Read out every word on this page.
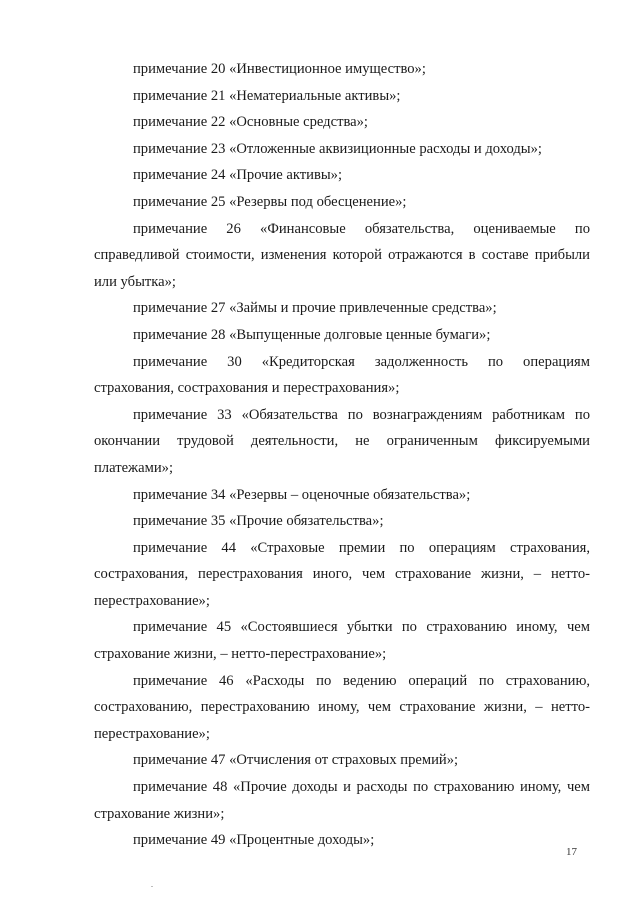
примечание 20 «Инвестиционное имущество»;

примечание 21 «Нематериальные активы»;

примечание 22 «Основные средства»;

примечание 23 «Отложенные аквизиционные расходы и доходы»;

примечание 24 «Прочие активы»;

примечание 25 «Резервы под обесценение»;

примечание 26 «Финансовые обязательства, оцениваемые по справедливой стоимости, изменения которой отражаются в составе прибыли или убытка»;

примечание 27 «Займы и прочие привлеченные средства»;

примечание 28 «Выпущенные долговые ценные бумаги»;

примечание 30 «Кредиторская задолженность по операциям страхования, сострахования и перестрахования»;

примечание 33 «Обязательства по вознаграждениям работникам по окончании трудовой деятельности, не ограниченным фиксируемыми платежами»;

примечание 34 «Резервы – оценочные обязательства»;

примечание 35 «Прочие обязательства»;

примечание 44 «Страховые премии по операциям страхования, сострахования, перестрахования иного, чем страхование жизни, – нетто-перестрахование»;

примечание 45 «Состоявшиеся убытки по страхованию иному, чем страхование жизни, – нетто-перестрахование»;

примечание 46 «Расходы по ведению операций по страхованию, сострахованию, перестрахованию иному, чем страхование жизни, – нетто-перестрахование»;

примечание 47 «Отчисления от страховых премий»;

примечание 48 «Прочие доходы и расходы по страхованию иному, чем страхование жизни»;

примечание 49 «Процентные доходы»;

17
